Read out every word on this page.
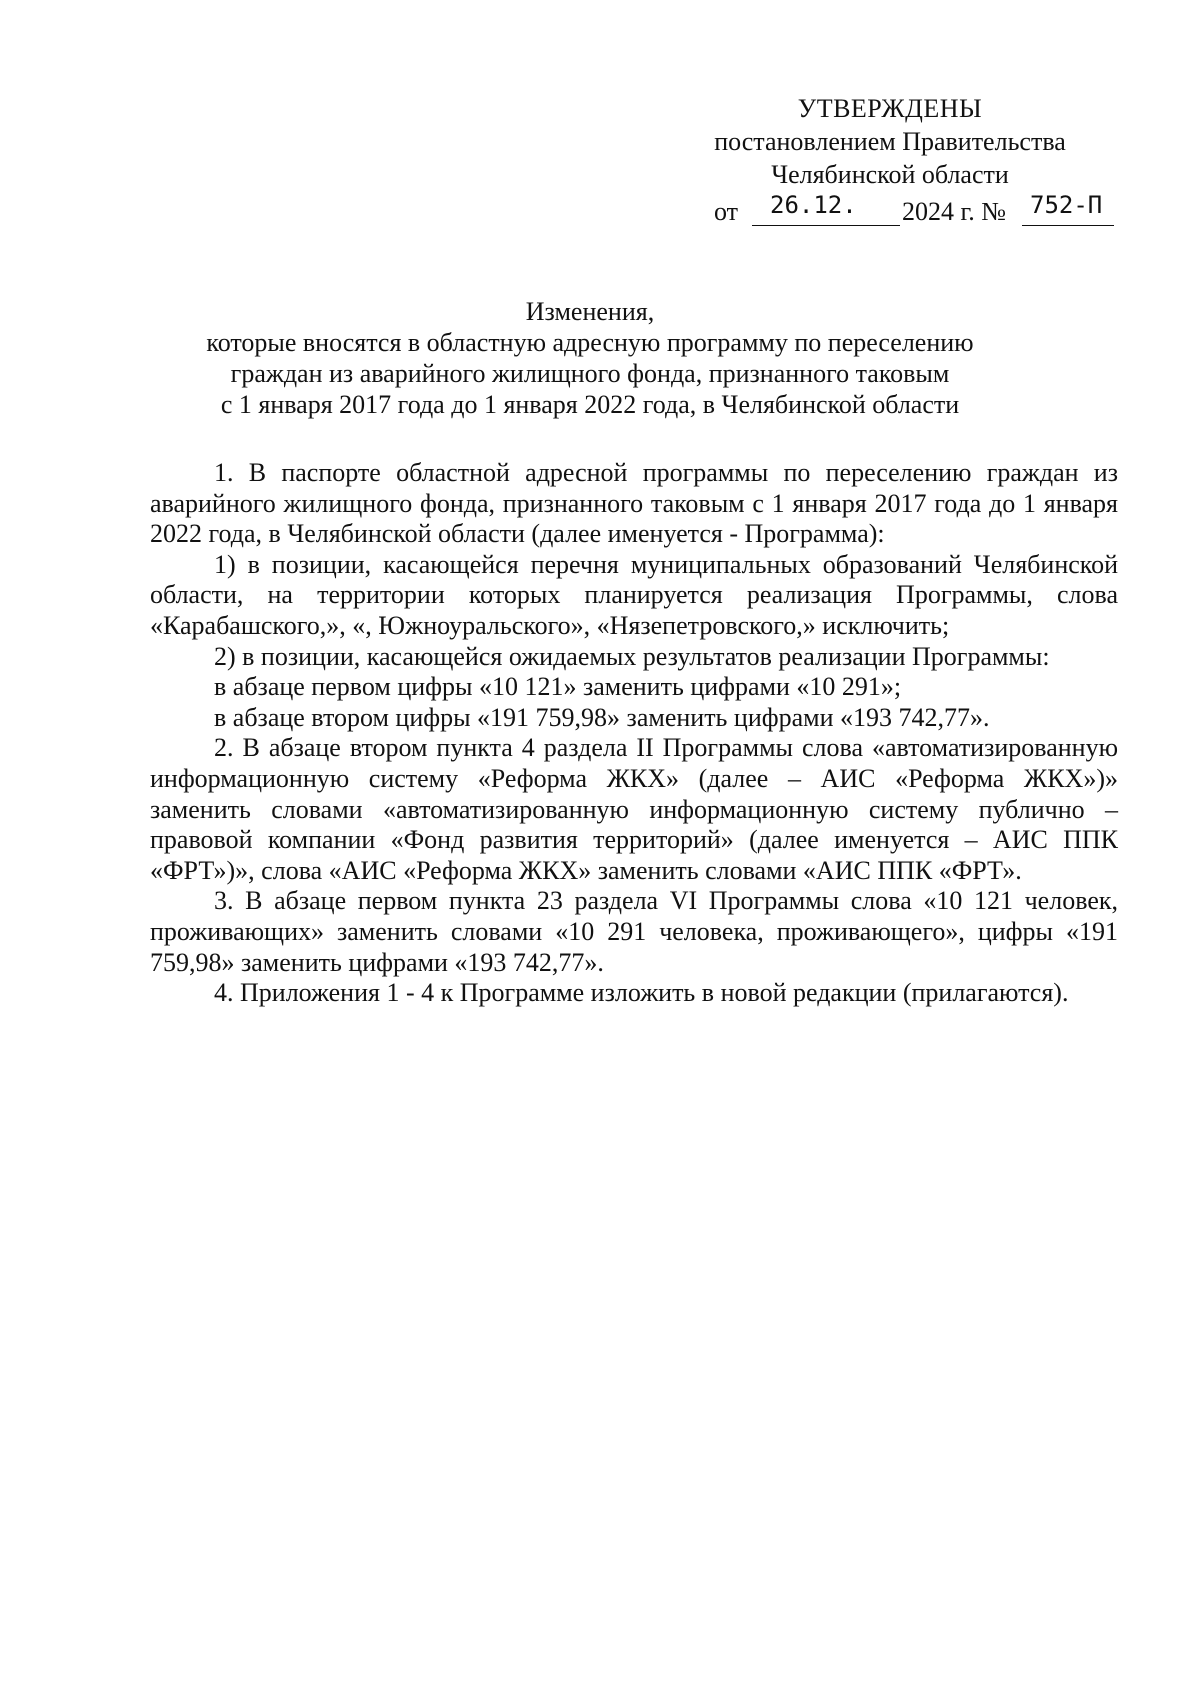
УТВЕРЖДЕНЫ
постановлением Правительства
Челябинской области
от 26.12. 2024 г. № 752-П
Изменения,
которые вносятся в областную адресную программу по переселению
граждан из аварийного жилищного фонда, признанного таковым
с 1 января 2017 года до 1 января 2022 года, в Челябинской области

1. В паспорте областной адресной программы по переселению граждан из аварийного жилищного фонда, признанного таковым с 1 января 2017 года до 1 января 2022 года, в Челябинской области (далее именуется - Программа):

1) в позиции, касающейся перечня муниципальных образований Челябинской области, на территории которых планируется реализация Программы, слова «Карабашского,», «, Южноуральского», «Нязепетровского,» исключить;

2) в позиции, касающейся ожидаемых результатов реализации Программы:

в абзаце первом цифры «10 121» заменить цифрами «10 291»;

в абзаце втором цифры «191 759,98» заменить цифрами «193 742,77».

2. В абзаце втором пункта 4 раздела II Программы слова «автоматизированную информационную систему «Реформа ЖКХ» (далее – АИС «Реформа ЖКХ»)» заменить словами «автоматизированную информационную систему публично – правовой компании «Фонд развития территорий» (далее именуется – АИС ППК «ФРТ»)», слова «АИС «Реформа ЖКХ» заменить словами «АИС ППК «ФРТ».

3. В абзаце первом пункта 23 раздела VI Программы слова «10 121 человек, проживающих» заменить словами «10 291 человека, проживающего», цифры «191 759,98» заменить цифрами «193 742,77».

4. Приложения 1 - 4 к Программе изложить в новой редакции (прилагаются).
